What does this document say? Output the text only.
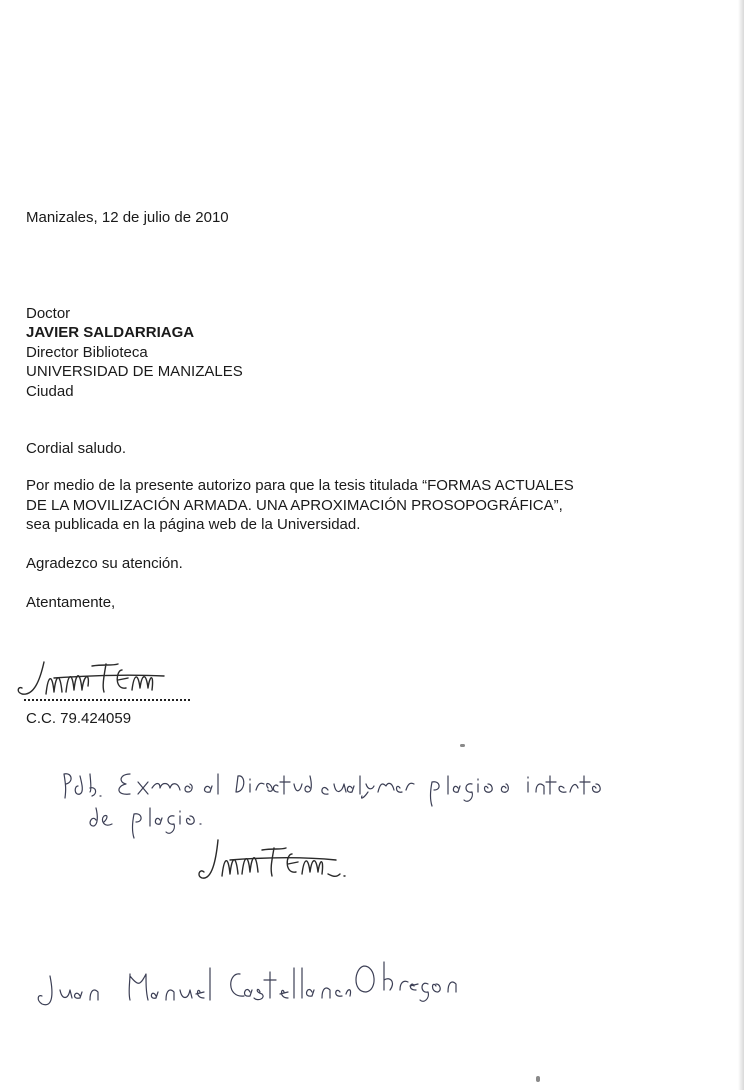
Manizales, 12 de julio de 2010
Doctor
JAVIER SALDARRIAGA
Director Biblioteca
UNIVERSIDAD DE MANIZALES
Ciudad
Cordial saludo.
Por medio de la presente autorizo para que la tesis titulada “FORMAS ACTUALES
DE LA MOVILIZACIÓN ARMADA. UNA APROXIMACIÓN PROSOPOGRÁFICA”,
sea publicada en la página web de la Universidad.
Agradezco su atención.
Atentamente,
C.C. 79.424059
